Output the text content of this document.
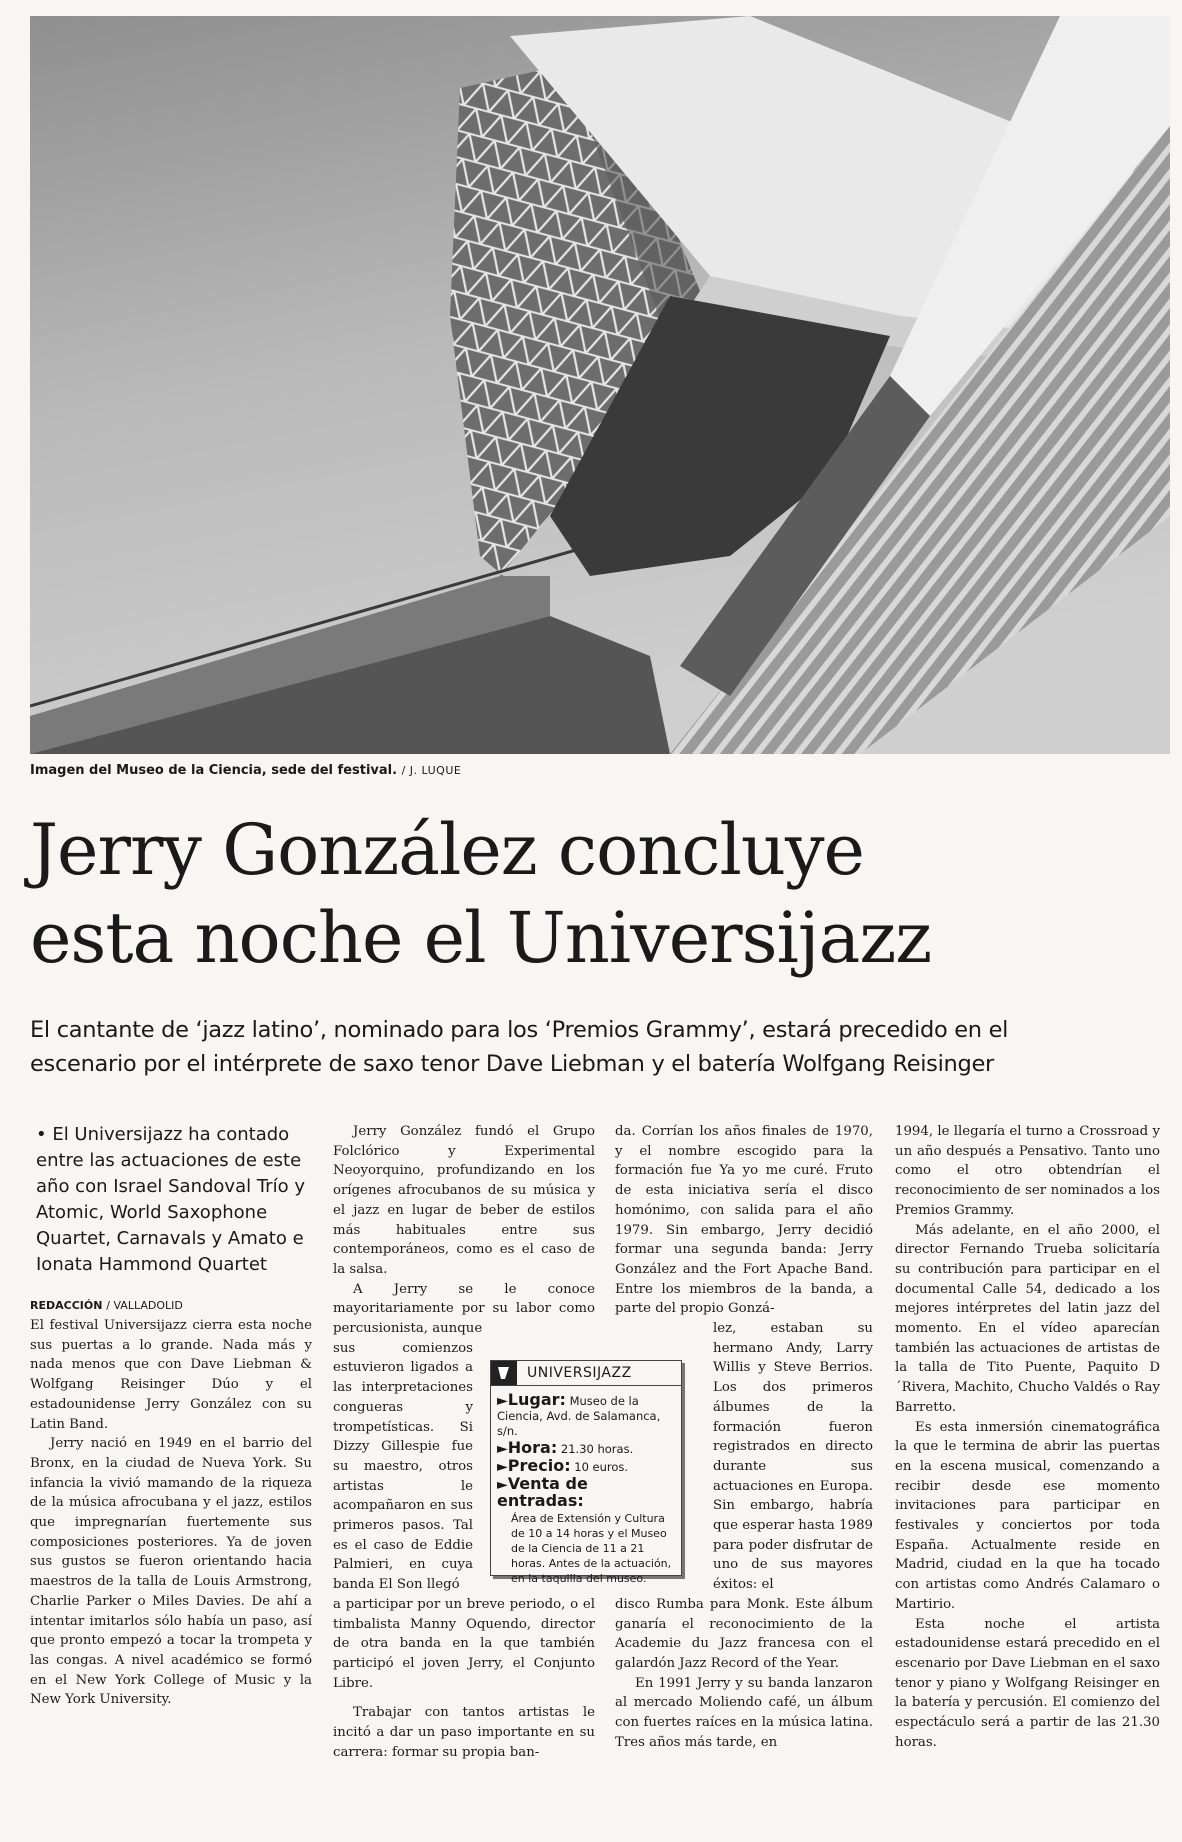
Imagen del Museo de la Ciencia, sede del festival. / J. LUQUE
Jerry González concluye
esta noche el Universijazz

El cantante de ‘jazz latino’, nominado para los ‘Premios Grammy’, estará precedido en el
escenario por el intérprete de saxo tenor Dave Liebman y el batería Wolfgang Reisinger

• El Universijazz ha contado entre las actuaciones de este año con Israel Sandoval Trío y Atomic, World Saxophone Quartet, Carnavals y Amato e Ionata Hammond Quartet
REDACCIÓN / VALLADOLID

El festival Universijazz cierra esta noche sus puertas a lo grande. Nada más y nada menos que con Dave Liebman & Wolfgang Reisinger Dúo y el estadounidense Jerry González con su Latin Band.

Jerry nació en 1949 en el barrio del Bronx, en la ciudad de Nueva York. Su infancia la vivió mamando de la riqueza de la música afrocubana y el jazz, estilos que impregnarían fuertemente sus composiciones posteriores. Ya de joven sus gustos se fueron orientando hacia maestros de la talla de Louis Armstrong, Charlie Parker o Miles Davies. De ahí a intentar imitarlos sólo había un paso, así que pronto empezó a tocar la trompeta y las congas. A nivel académico se formó en el New York College of Music y la New York University.

Jerry González fundó el Grupo Folclórico y Experimental Neoyorquino, profundizando en los orígenes afrocubanos de su música y el jazz en lugar de beber de estilos más habituales entre sus contemporáneos, como es el caso de la salsa.

A Jerry se le conoce mayoritariamente por su labor como percusionista, aunque

sus comienzos estuvieron ligados a las interpretaciones congueras y trompetísticas. Si Dizzy Gillespie fue su maestro, otros artistas le acompañaron en sus primeros pasos. Tal es el caso de Eddie Palmieri, en cuya banda El Son llegó

a participar por un breve periodo, o el timbalista Manny Oquendo, director de otra banda en la que también participó el joven Jerry, el Conjunto Libre.

Trabajar con tantos artistas le incitó a dar un paso importante en su carrera: formar su propia ban-

da. Corrían los años finales de 1970, y el nombre escogido para la formación fue Ya yo me curé. Fruto de esta iniciativa sería el disco homónimo, con salida para el año 1979. Sin embargo, Jerry decidió formar una segunda banda: Jerry González and the Fort Apache Band. Entre los miembros de la banda, a parte del propio Gonzá-

lez, estaban su hermano Andy, Larry Willis y Steve Berrios. Los dos primeros álbumes de la formación fueron registrados en directo durante sus actuaciones en Europa. Sin embargo, habría que esperar hasta 1989 para poder disfrutar de uno de sus mayores éxitos: el

disco Rumba para Monk. Este álbum ganaría el reconocimiento de la Academie du Jazz francesa con el galardón Jazz Record of the Year.

En 1991 Jerry y su banda lanzaron al mercado Moliendo café, un álbum con fuertes raíces en la música latina. Tres años más tarde, en

1994, le llegaría el turno a Crossroad y un año después a Pensativo. Tanto uno como el otro obtendrían el reconocimiento de ser nominados a los Premios Grammy.

Más adelante, en el año 2000, el director Fernando Trueba solicitaría su contribución para participar en el documental Calle 54, dedicado a los mejores intérpretes del latin jazz del momento. En el vídeo aparecían también las actuaciones de artistas de la talla de Tito Puente, Paquito D´Rivera, Machito, Chucho Valdés o Ray Barretto.

Es esta inmersión cinematográfica la que le termina de abrir las puertas en la escena musical, comenzando a recibir desde ese momento invitaciones para participar en festivales y conciertos por toda España. Actualmente reside en Madrid, ciudad en la que ha tocado con artistas como Andrés Calamaro o Martirio.

Esta noche el artista estadounidense estará precedido en el escenario por Dave Liebman en el saxo tenor y piano y Wolfgang Reisinger en la batería y percusión. El comienzo del espectáculo será a partir de las 21.30 horas.

UNIVERSIJAZZ
►Lugar: Museo de la Ciencia, Avd. de Salamanca, s/n.
►Hora: 21.30 horas.
►Precio: 10 euros.
►Venta de entradas:
Área de Extensión y Cultura de 10 a 14 horas y el Museo de la Ciencia de 11 a 21 horas. Antes de la actuación, en la taquilla del museo.
